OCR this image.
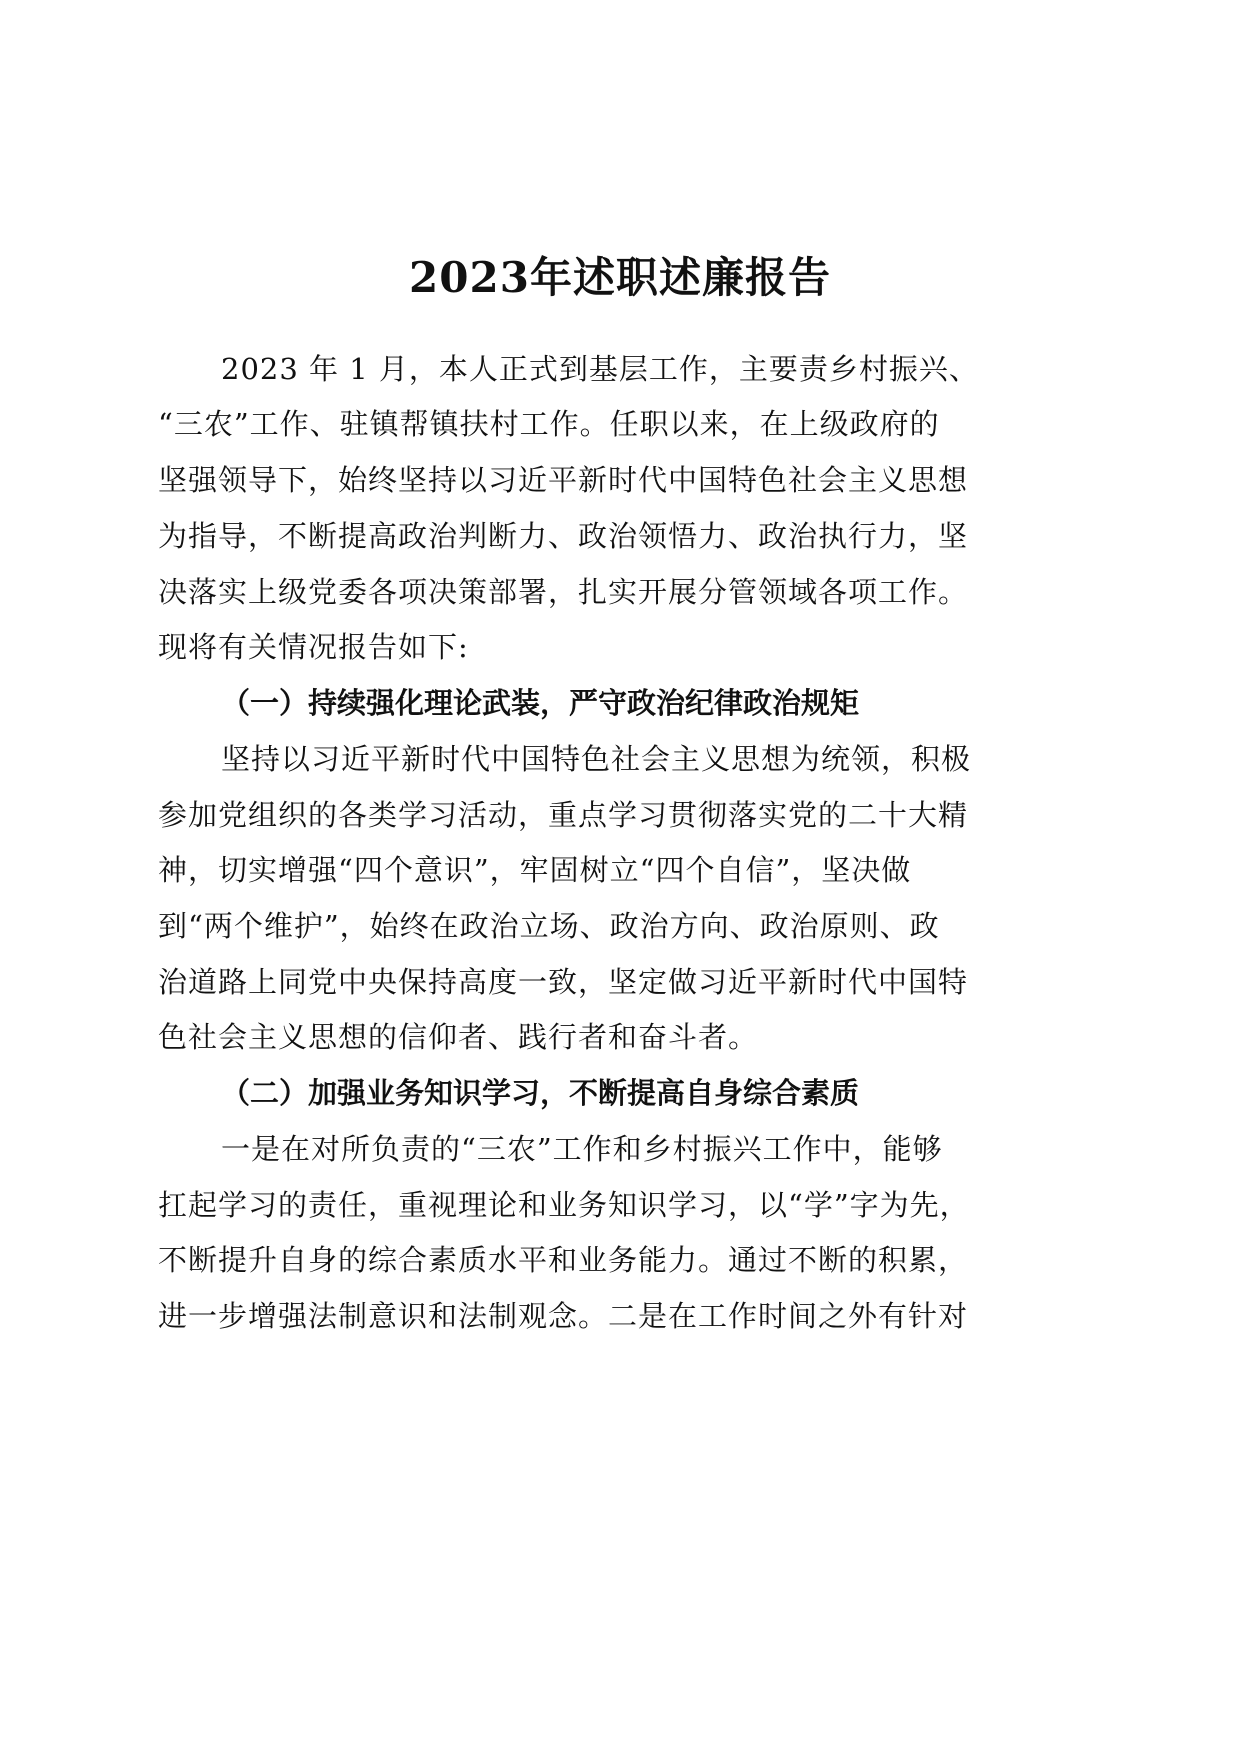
2023年述职述廉报告
2023 年 1 月，本人正式到基层工作，主要责乡村振兴、
“三农”工作、驻镇帮镇扶村工作。任职以来，在上级政府的
坚强领导下，始终坚持以习近平新时代中国特色社会主义思想
为指导，不断提高政治判断力、政治领悟力、政治执行力，坚
决落实上级党委各项决策部署，扎实开展分管领域各项工作。
现将有关情况报告如下:
（一）持续强化理论武装，严守政治纪律政治规矩
坚持以习近平新时代中国特色社会主义思想为统领，积极
参加党组织的各类学习活动，重点学习贯彻落实党的二十大精
神，切实增强“四个意识”，牢固树立“四个自信”，坚决做
到“两个维护”，始终在政治立场、政治方向、政治原则、政
治道路上同党中央保持高度一致，坚定做习近平新时代中国特
色社会主义思想的信仰者、践行者和奋斗者。
（二）加强业务知识学习，不断提高自身综合素质
一是在对所负责的“三农”工作和乡村振兴工作中，能够
扛起学习的责任，重视理论和业务知识学习，以“学”字为先，
不断提升自身的综合素质水平和业务能力。通过不断的积累，
进一步增强法制意识和法制观念。二是在工作时间之外有针对
